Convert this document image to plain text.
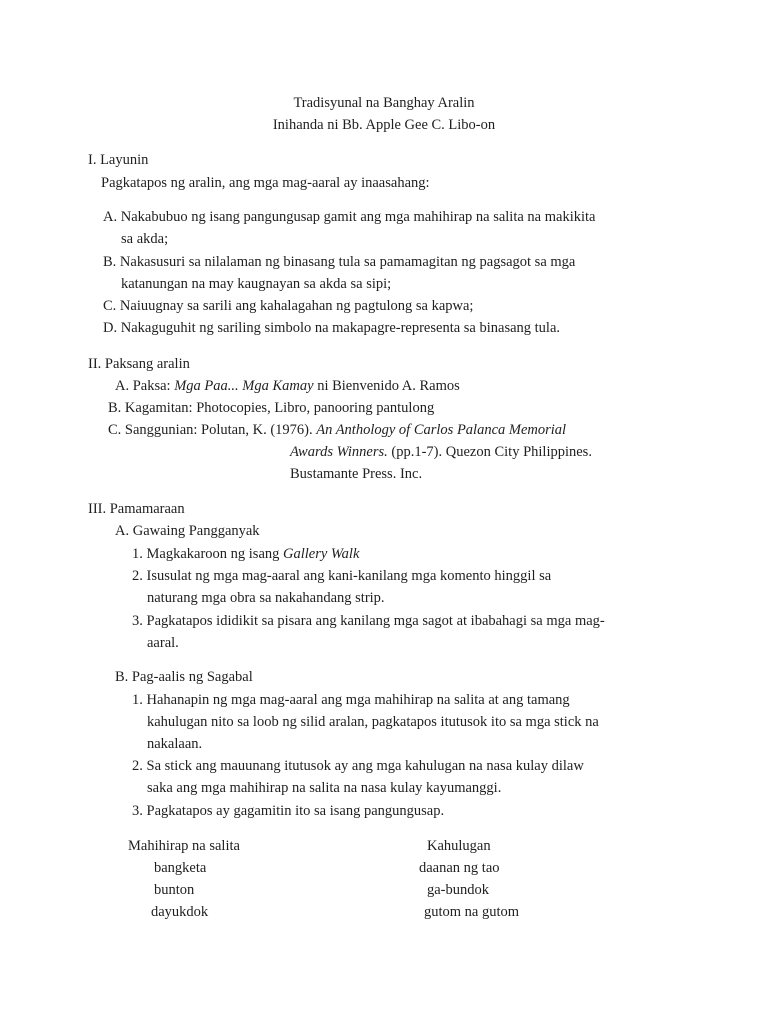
Tradisyunal na Banghay Aralin
Inihanda ni Bb. Apple Gee C. Libo-on
I. Layunin
Pagkatapos ng aralin, ang mga mag-aaral ay inaasahang:
A. Nakabubuo ng isang pangungusap gamit ang mga mahihirap na salita na makikita
sa akda;
B. Nakasusuri sa nilalaman ng binasang tula sa pamamagitan ng pagsagot sa mga
katanungan na may kaugnayan sa akda sa sipi;
C. Naiuugnay sa sarili ang kahalagahan ng pagtulong sa kapwa;
D. Nakaguguhit ng sariling simbolo na makapagre-representa sa binasang tula.
II. Paksang aralin
A. Paksa: Mga Paa... Mga Kamay ni Bienvenido A. Ramos
B. Kagamitan: Photocopies, Libro, panooring pantulong
C. Sanggunian: Polutan, K. (1976). An Anthology of Carlos Palanca Memorial
Awards Winners. (pp.1-7). Quezon City Philippines.
Bustamante Press. Inc.
III. Pamamaraan
A. Gawaing Pangganyak
1. Magkakaroon ng isang Gallery Walk
2. Isusulat ng mga mag-aaral ang kani-kanilang mga komento hinggil sa
naturang mga obra sa nakahandang strip.
3. Pagkatapos ididikit sa pisara ang kanilang mga sagot at ibabahagi sa mga mag-
aaral.
B. Pag-aalis ng Sagabal
1. Hahanapin ng mga mag-aaral ang mga mahihirap na salita at ang tamang
kahulugan nito sa loob ng silid aralan, pagkatapos itutusok ito sa mga stick na
nakalaan.
2. Sa stick ang mauunang itutusok ay ang mga kahulugan na nasa kulay dilaw
saka ang mga mahihirap na salita na nasa kulay kayumanggi.
3. Pagkatapos ay gagamitin ito sa isang pangungusap.
Mahihirap na salita	Kahulugan
bangketa	daanan ng tao
bunton	ga-bundok
dayukdok	gutom na gutom
